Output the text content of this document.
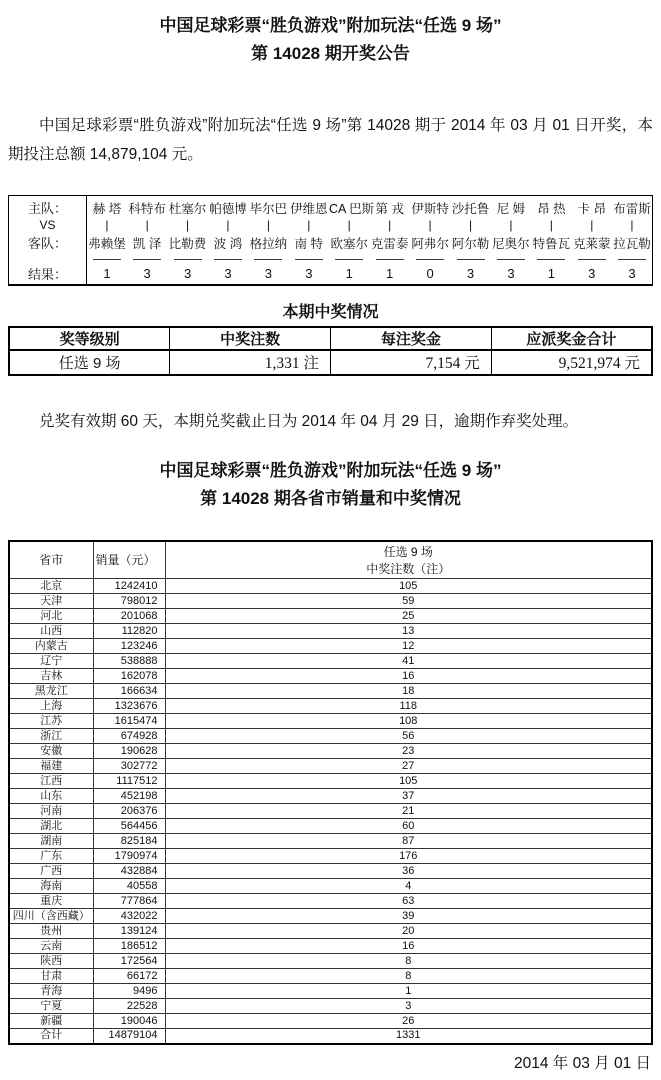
中国足球彩票“胜负游戏”附加玩法“任选 9 场”
第 14028 期开奖公告

中国足球彩票“胜负游戏”附加玩法“任选 9 场”第 14028 期于 2014 年 03 月 01 日开奖，本期投注总额 14,879,104 元。

主队：	赫 塔	科特布	杜塞尔	帕德博	毕尔巴	伊维恩	CA 巴斯	第 戎	伊斯特	沙托鲁	尼 姆	昂 热	卡 昂	布雷斯
VS	|	|	|	|	|	|	|	|	|	|	|	|	|	|
客队：	弗赖堡	凯 泽	比勒费	波 鸿	格拉纳	南 特	欧塞尔	克雷泰	阿弗尔	阿尔勒	尼奥尔	特鲁瓦	克莱蒙	拉瓦勒

结果：	1	3	3	3	3	3	1	1	0	3	3	1	3	3
本期中奖情况
奖等级别	中奖注数	每注奖金	应派奖金合计
任选 9 场	1,331 注	7,154 元	9,521,974 元

兑奖有效期 60 天，本期兑奖截止日为 2014 年 04 月 29 日，逾期作弃奖处理。

中国足球彩票“胜负游戏”附加玩法“任选 9 场”
第 14028 期各省市销量和中奖情况
省市	销量（元）	任选 9 场
中奖注数（注）

北京	1242410	105
天津	798012	59
河北	201068	25
山西	112820	13
内蒙古	123246	12
辽宁	538888	41
吉林	162078	16
黑龙江	166634	18
上海	1323676	118
江苏	1615474	108
浙江	674928	56
安徽	190628	23
福建	302772	27
江西	1117512	105
山东	452198	37
河南	206376	21
湖北	564456	60
湖南	825184	87
广东	1790974	176
广西	432884	36
海南	40558	4
重庆	777864	63
四川（含西藏）	432022	39
贵州	139124	20
云南	186512	16
陕西	172564	8
甘肃	66172	8
青海	9496	1
宁夏	22528	3
新疆	190046	26
合计	14879104	1331
2014 年 03 月 01 日
